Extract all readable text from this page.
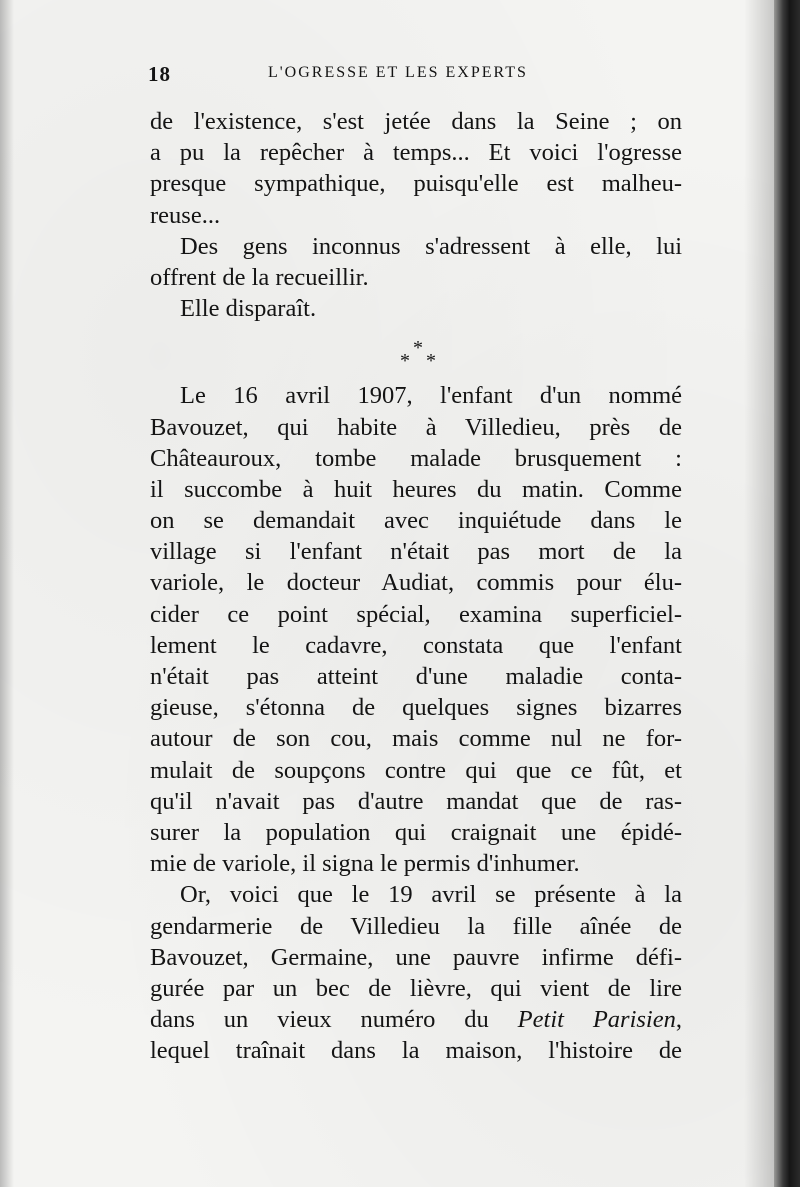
18	L'OGRESSE ET LES EXPERTS
de l'existence, s'est jetée dans la Seine ; on
a pu la repêcher à temps... Et voici l'ogresse
presque sympathique, puisqu'elle est malheu-
reuse...
Des gens inconnus s'adressent à elle, lui
offrent de la recueillir.
Elle disparaît.
*
* *
Le 16 avril 1907, l'enfant d'un nommé
Bavouzet, qui habite à Villedieu, près de
Châteauroux, tombe malade brusquement :
il succombe à huit heures du matin. Comme
on se demandait avec inquiétude dans le
village si l'enfant n'était pas mort de la
variole, le docteur Audiat, commis pour élu-
cider ce point spécial, examina superficiel-
lement le cadavre, constata que l'enfant
n'était pas atteint d'une maladie conta-
gieuse, s'étonna de quelques signes bizarres
autour de son cou, mais comme nul ne for-
mulait de soupçons contre qui que ce fût, et
qu'il n'avait pas d'autre mandat que de ras-
surer la population qui craignait une épidé-
mie de variole, il signa le permis d'inhumer.
Or, voici que le 19 avril se présente à la
gendarmerie de Villedieu la fille aînée de
Bavouzet, Germaine, une pauvre infirme défi-
gurée par un bec de lièvre, qui vient de lire
dans un vieux numéro du Petit Parisien,
lequel traînait dans la maison, l'histoire de
